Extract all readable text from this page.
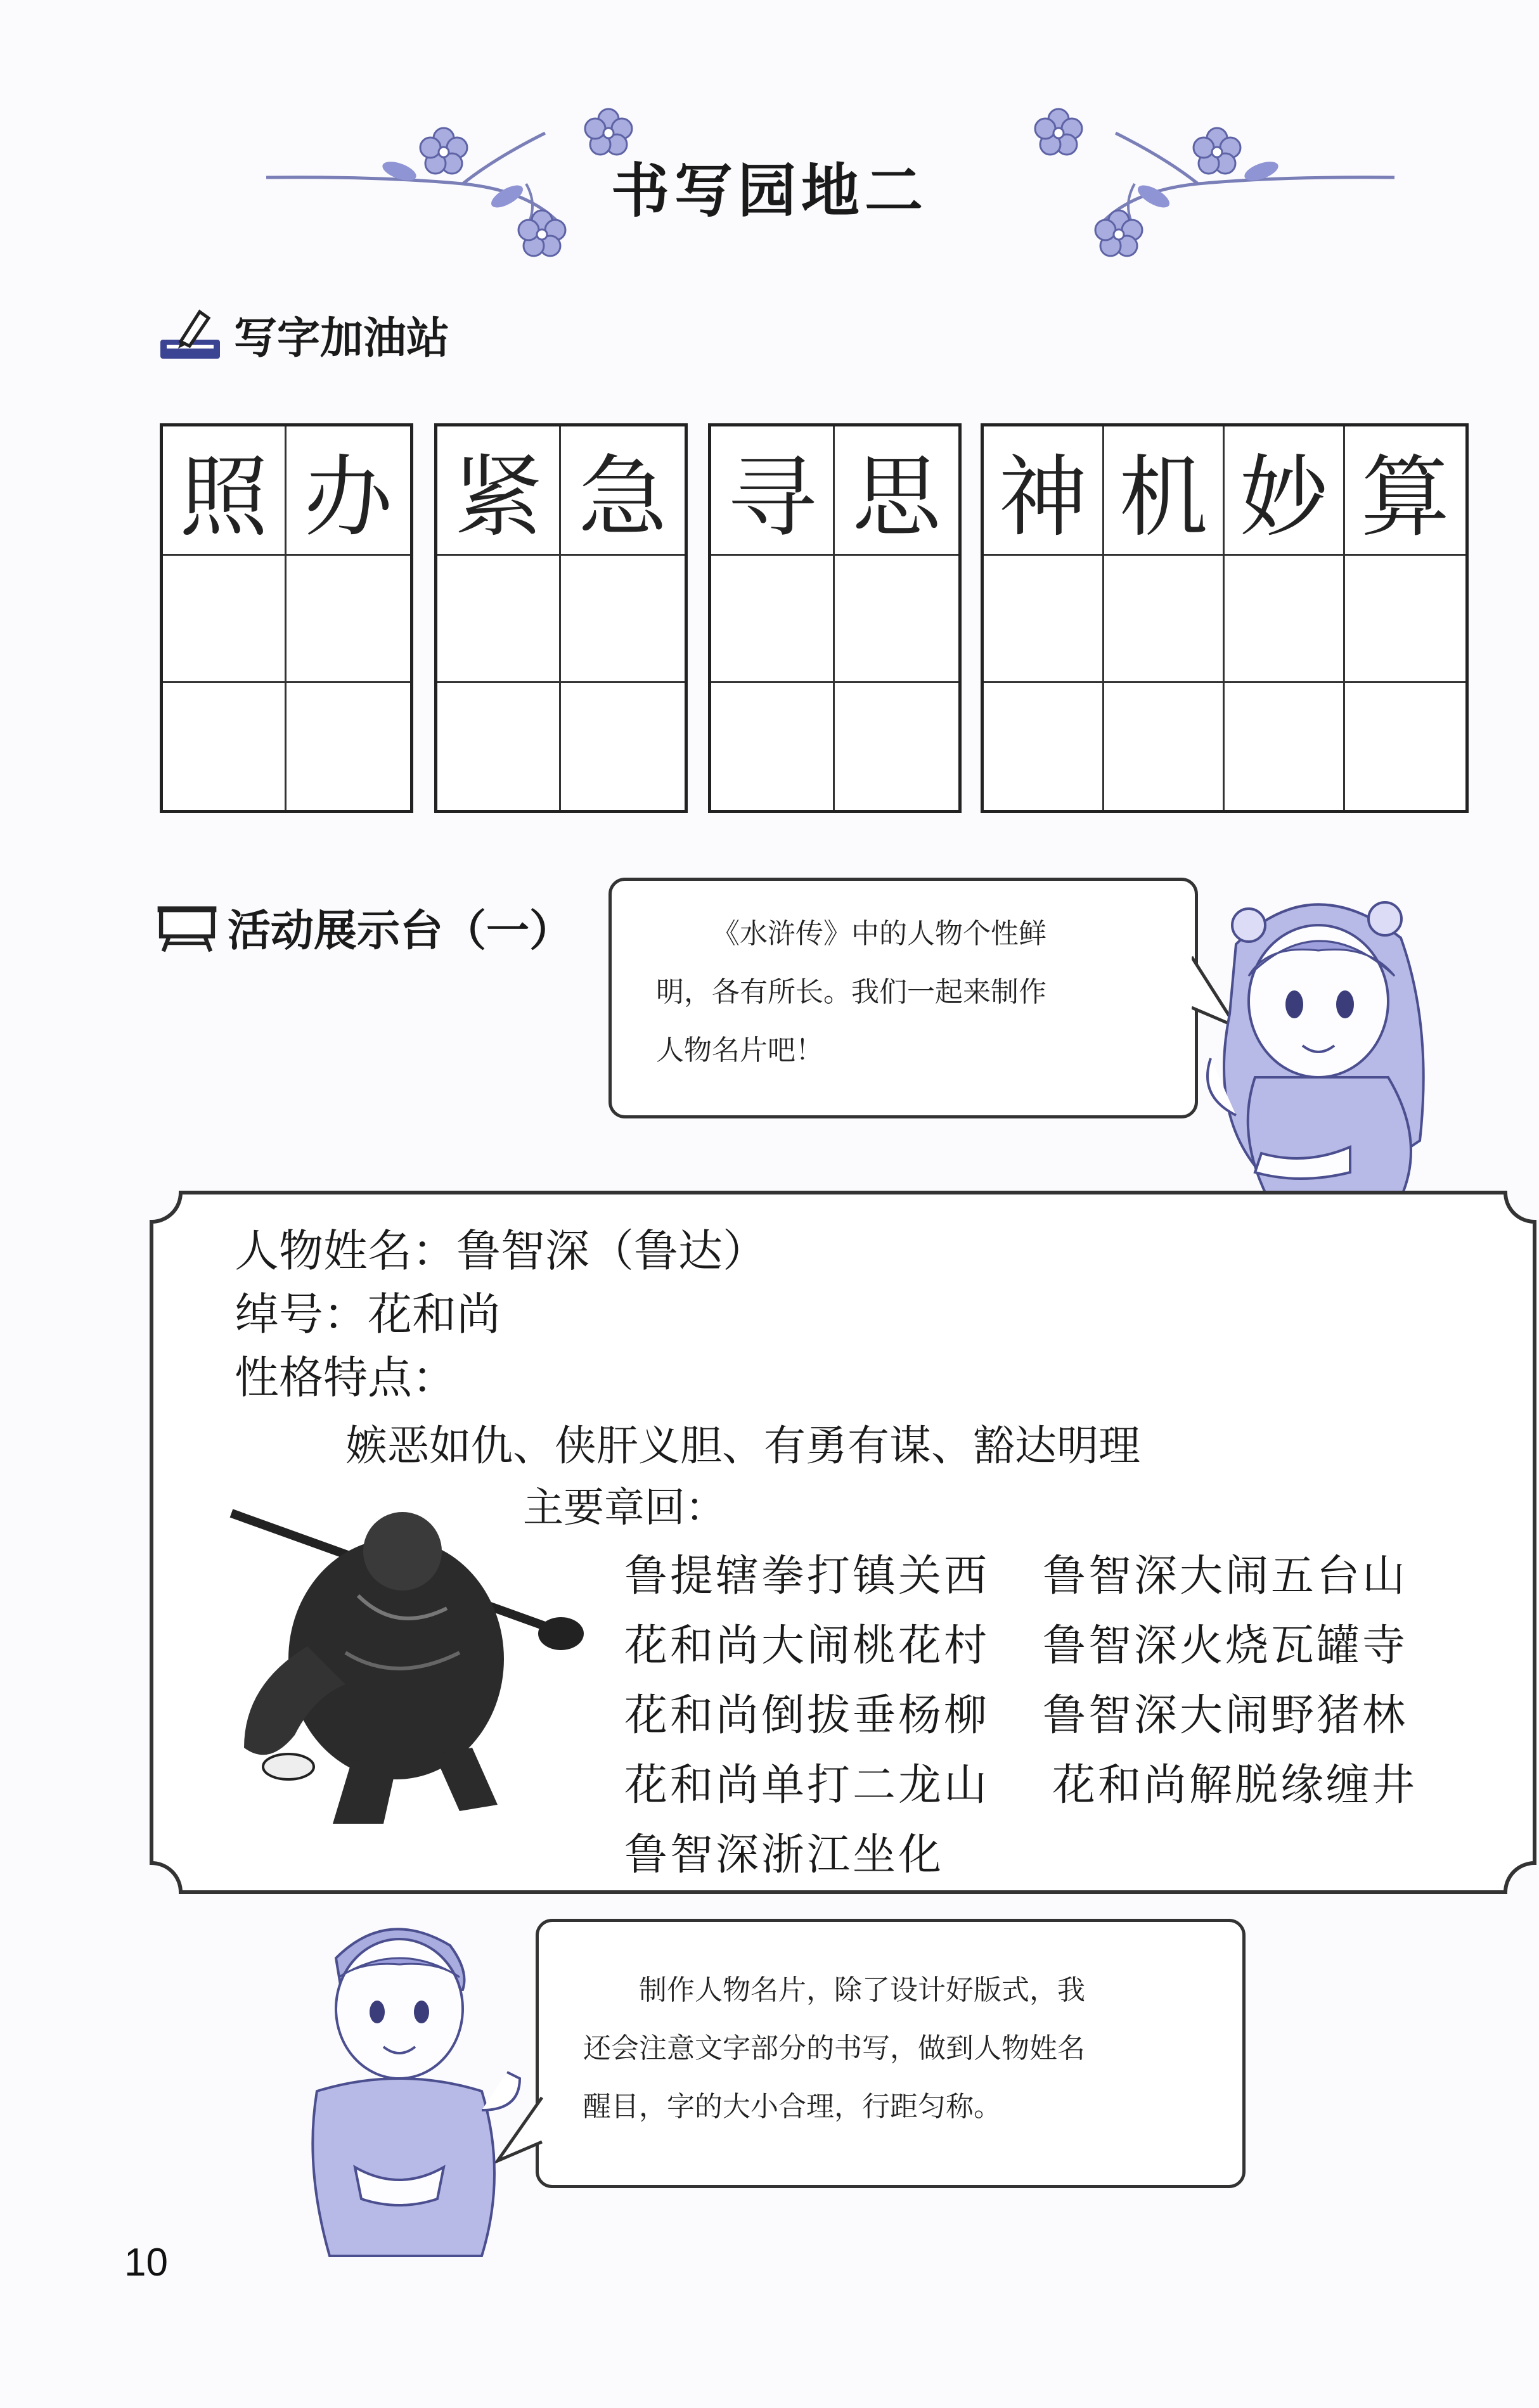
书写园地二
写字加油站
照 办 紧 急 寻 思 神 机 妙 算
活动展示台（一）	《水浒传》中的人物个性鲜

明，各有所长。我们一起来制作

人物名片吧！

人物姓名：鲁智深（鲁达）
绰号：花和尚
性格特点：
嫉恶如仇、侠肝义胆、有勇有谋、豁达明理
主要章回：
鲁提辖拳打镇关西
花和尚大闹桃花村
花和尚倒拔垂杨柳
花和尚单打二龙山
鲁智深浙江坐化
鲁智深大闹五台山
鲁智深火烧瓦罐寺
鲁智深大闹野猪林
花和尚解脱缘缠井

制作人物名片，除了设计好版式，我

还会注意文字部分的书写，做到人物姓名

醒目，字的大小合理，行距匀称。

10
